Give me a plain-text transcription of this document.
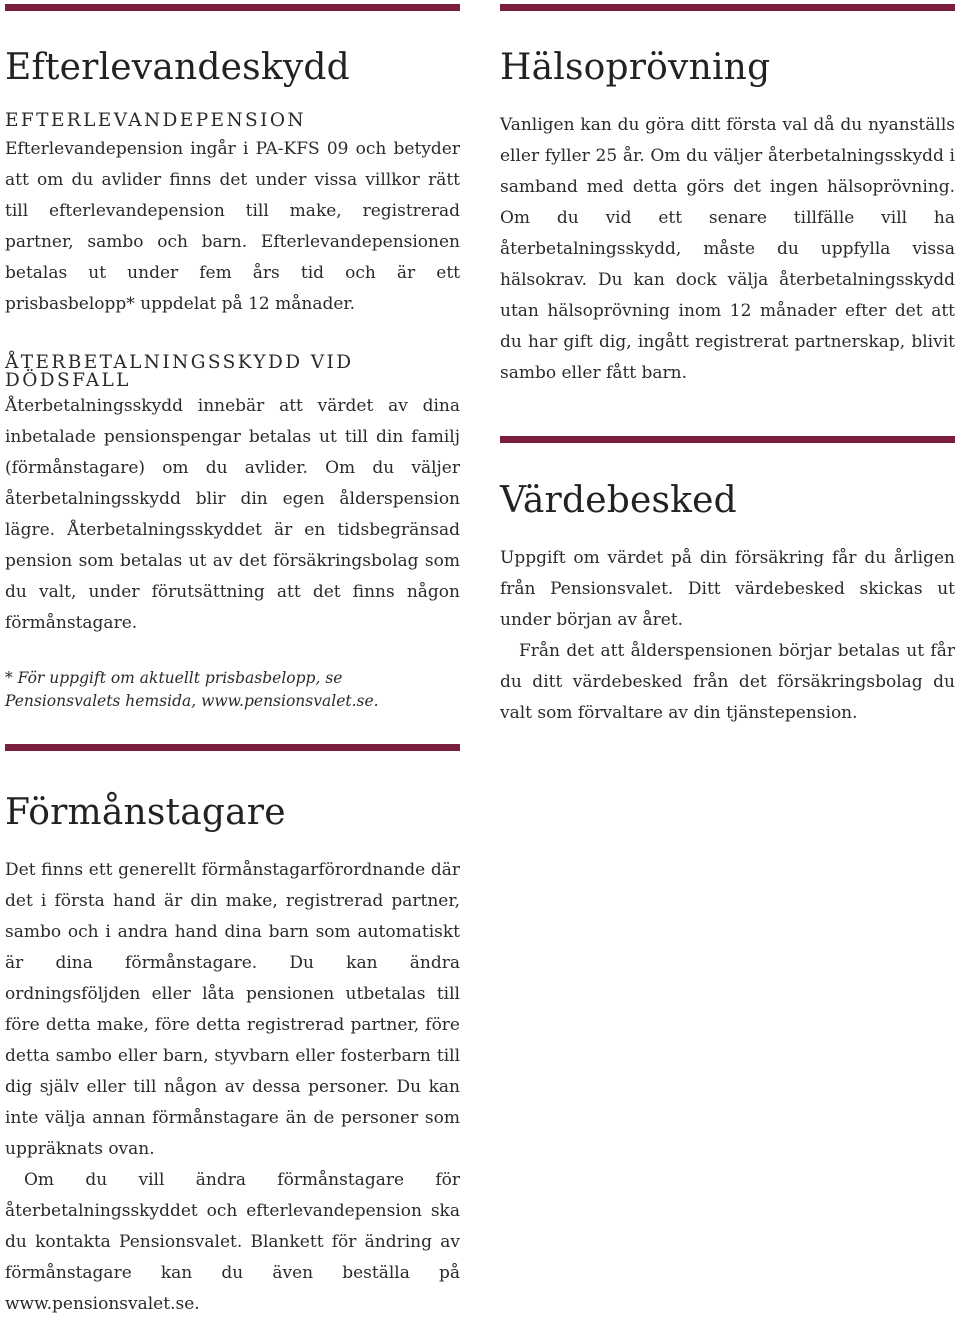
Efterlevandeskydd
EFTERLEVANDEPENSION

Efterlevandepension ingår i PA-KFS 09 och betyder att om du avlider finns det under vissa villkor rätt till efterlevandepension till make, registrerad partner, sambo och barn. Efterlevandepensionen betalas ut under fem års tid och är ett prisbasbelopp* uppdelat på 12 månader.

ÅTERBETALNINGSSKYDD VID DÖDSFALL

Återbetalningsskydd innebär att värdet av dina inbetalade pensionspengar betalas ut till din familj (förmånstagare) om du avlider. Om du väljer återbetalningsskydd blir din egen ålderspension lägre. Återbetalningsskyddet är en tidsbegränsad pension som betalas ut av det försäkringsbolag som du valt, under förutsättning att det finns någon förmånstagare.

* För uppgift om aktuellt prisbasbelopp, se Pensionsvalets hemsida, www.pensionsvalet.se.

Hälsoprövning

Vanligen kan du göra ditt första val då du nyanställs eller fyller 25 år. Om du väljer återbetalningsskydd i samband med detta görs det ingen hälsoprövning. Om du vid ett senare tillfälle vill ha återbetalningsskydd, måste du uppfylla vissa hälsokrav. Du kan dock välja återbetalningsskydd utan hälsoprövning inom 12 månader efter det att du har gift dig, ingått registrerat partnerskap, blivit sambo eller fått barn.

Värdebesked

Uppgift om värdet på din försäkring får du årligen från Pensionsvalet. Ditt värdebesked skickas ut under början av året.

Från det att ålderspensionen börjar betalas ut får du ditt värdebesked från det försäkringsbolag du valt som förvaltare av din tjänstepension.

Förmånstagare

Det finns ett generellt förmånstagarförordnande där det i första hand är din make, registrerad partner, sambo och i andra hand dina barn som automatiskt är dina förmånstagare. Du kan ändra ordningsföljden eller låta pensionen utbetalas till före detta make, före detta registrerad partner, före detta sambo eller barn, styvbarn eller fosterbarn till dig själv eller till någon av dessa personer. Du kan inte välja annan förmånstagare än de personer som uppräknats ovan.

Om du vill ändra förmånstagare för återbetalningsskyddet och efterlevandepension ska du kontakta Pensionsvalet. Blankett för ändring av förmånstagare kan du även beställa på www.pensionsvalet.se.
